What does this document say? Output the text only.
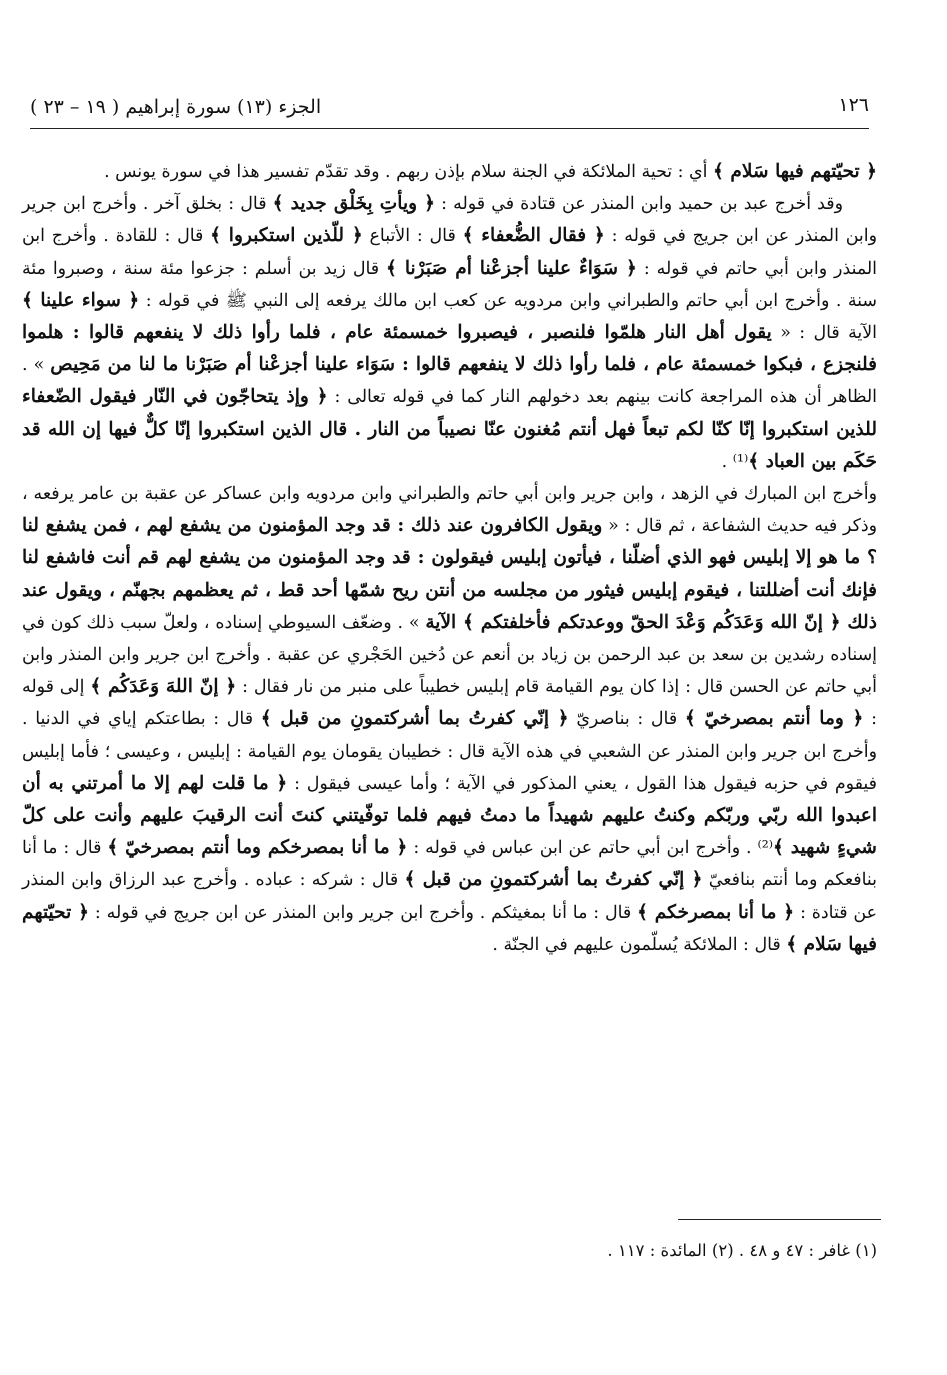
١٢٦
الجزء (١٣) سورة إبراهيم ( ١٩ – ٢٣ )

﴿ تحيّتهم فيها سَلام ﴾ أي : تحية الملائكة في الجنة سلام بإذن ربهم . وقد تقدّم تفسير هذا في سورة يونس .

وقد أخرج عبد بن حميد وابن المنذر عن قتادة في قوله : ﴿ ويأتِ بِخَلْق جديد ﴾ قال : بخلق آخر . وأخرج ابن جرير وابن المنذر عن ابن جريج في قوله : ﴿ فقال الضُّعفاء ﴾ قال : الأتباع ﴿ للّذين استكبروا ﴾ قال : للقادة . وأخرج ابن المنذر وابن أبي حاتم في قوله : ﴿ سَوَاءٌ علينا أجزعْنا أم صَبَرْنا ﴾ قال زيد بن أسلم : جزعوا مئة سنة ، وصبروا مئة سنة . وأخرج ابن أبي حاتم والطبراني وابن مردويه عن كعب ابن مالك يرفعه إلى النبي ﷺ في قوله : ﴿ سواء علينا ﴾ الآية قال : « يقول أهل النار هلمّوا فلنصبر ، فيصبروا خمسمئة عام ، فلما رأوا ذلك لا ينفعهم قالوا : هلموا فلنجزع ، فبكوا خمسمئة عام ، فلما رأوا ذلك لا ينفعهم قالوا : سَوَاء علينا أجزعْنا أم صَبَرْنا ما لنا من مَحِيص » . الظاهر أن هذه المراجعة كانت بينهم بعد دخولهم النار كما في قوله تعالى : ﴿ وإذ يتحاجّون في النّار فيقول الضّعفاء للذين استكبروا إنّا كنّا لكم تبعاً فهل أنتم مُغنون عنّا نصيباً من النار . قال الذين استكبروا إنّا كلٌّ فيها إن الله قد حَكَم بين العباد ﴾⁽¹⁾ .

وأخرج ابن المبارك في الزهد ، وابن جرير وابن أبي حاتم والطبراني وابن مردويه وابن عساكر عن عقبة بن عامر يرفعه ، وذكر فيه حديث الشفاعة ، ثم قال : « ويقول الكافرون عند ذلك : قد وجد المؤمنون من يشفع لهم ، فمن يشفع لنا ؟ ما هو إلا إبليس فهو الذي أضلّنا ، فيأتون إبليس فيقولون : قد وجد المؤمنون من يشفع لهم قم أنت فاشفع لنا فإنك أنت أضللتنا ، فيقوم إبليس فيثور من مجلسه من أنتن ريح شمّها أحد قط ، ثم يعظمهم بجهنّم ، ويقول عند ذلك ﴿ إنّ الله وَعَدَكُم وَعْدَ الحقّ ووعدتكم فأخلفتكم ﴾ الآية » . وضعّف السيوطي إسناده ، ولعلّ سبب ذلك كون في إسناده رشدين بن سعد بن عبد الرحمن بن زياد بن أنعم عن دُخين الحَجْري عن عقبة . وأخرج ابن جرير وابن المنذر وابن أبي حاتم عن الحسن قال : إذا كان يوم القيامة قام إبليس خطيباً على منبر من نار فقال : ﴿ إنّ اللهَ وَعَدَكُم ﴾ إلى قوله : ﴿ وما أنتم بمصرخيّ ﴾ قال : بناصريّ ﴿ إنّي كفرتُ بما أشركتمونِ من قبل ﴾ قال : بطاعتكم إياي في الدنيا . وأخرج ابن جرير وابن المنذر عن الشعبي في هذه الآية قال : خطيبان يقومان يوم القيامة : إبليس ، وعيسى ؛ فأما إبليس فيقوم في حزبه فيقول هذا القول ، يعني المذكور في الآية ؛ وأما عيسى فيقول : ﴿ ما قلت لهم إلا ما أمرتني به أن اعبدوا الله ربّي وربّكم وكنتُ عليهم شهيداً ما دمتُ فيهم فلما توفّيتني كنتَ أنت الرقيبَ عليهم وأنت على كلّ شيءٍ شهيد ﴾⁽²⁾ . وأخرج ابن أبي حاتم عن ابن عباس في قوله : ﴿ ما أنا بمصرخكم وما أنتم بمصرخيّ ﴾ قال : ما أنا بنافعكم وما أنتم بنافعيّ ﴿ إنّي كفرتُ بما أشركتمونِ من قبل ﴾ قال : شركه : عباده . وأخرج عبد الرزاق وابن المنذر عن قتادة : ﴿ ما أنا بمصرخكم ﴾ قال : ما أنا بمغيثكم . وأخرج ابن جرير وابن المنذر عن ابن جريج في قوله : ﴿ تحيّتهم فيها سَلام ﴾ قال : الملائكة يُسلّمون عليهم في الجنّة .

(١) غافر : ٤٧ و ٤٨ . (٢) المائدة : ١١٧ .
